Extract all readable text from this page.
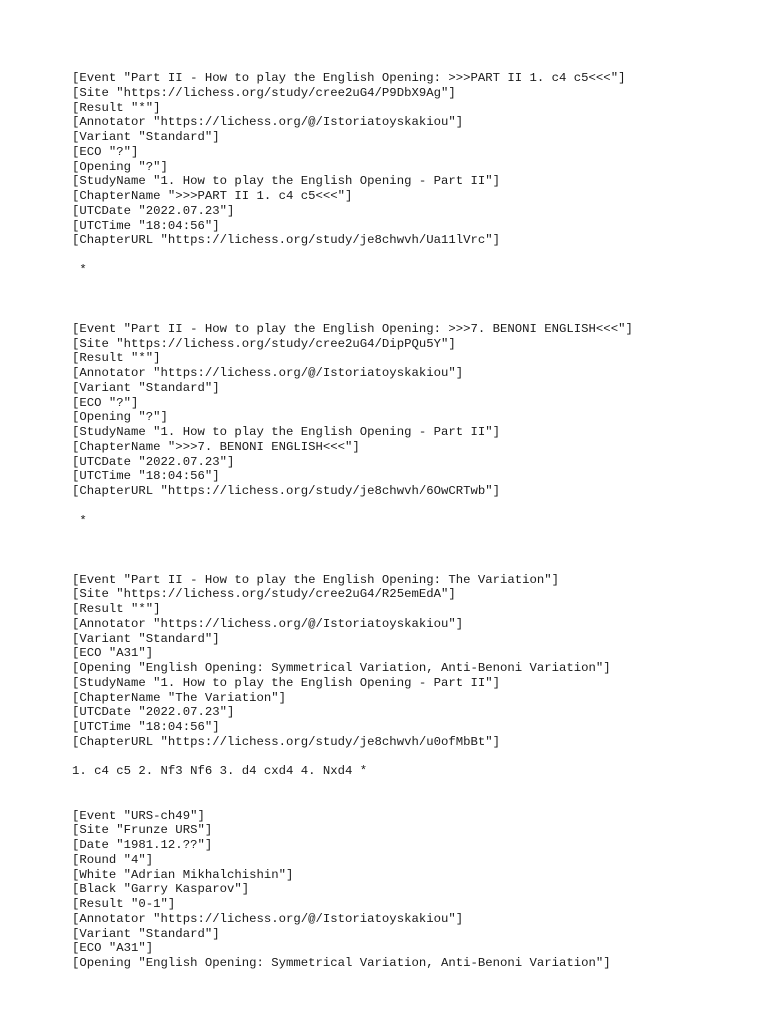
[Event "Part II - How to play the English Opening: >>>PART II 1. c4 c5<<<"]
[Site "https://lichess.org/study/cree2uG4/P9DbX9Ag"]
[Result "*"]
[Annotator "https://lichess.org/@/Istoriatoyskakiou"]
[Variant "Standard"]
[ECO "?"]
[Opening "?"]
[StudyName "1. How to play the English Opening - Part II"]
[ChapterName ">>>PART II 1. c4 c5<<<"]
[UTCDate "2022.07.23"]
[UTCTime "18:04:56"]
[ChapterURL "https://lichess.org/study/je8chwvh/Ua11lVrc"]
*
[Event "Part II - How to play the English Opening: >>>7. BENONI ENGLISH<<<"]
[Site "https://lichess.org/study/cree2uG4/DipPQu5Y"]
[Result "*"]
[Annotator "https://lichess.org/@/Istoriatoyskakiou"]
[Variant "Standard"]
[ECO "?"]
[Opening "?"]
[StudyName "1. How to play the English Opening - Part II"]
[ChapterName ">>>7. BENONI ENGLISH<<<"]
[UTCDate "2022.07.23"]
[UTCTime "18:04:56"]
[ChapterURL "https://lichess.org/study/je8chwvh/6OwCRTwb"]
*
[Event "Part II - How to play the English Opening: The Variation"]
[Site "https://lichess.org/study/cree2uG4/R25emEdA"]
[Result "*"]
[Annotator "https://lichess.org/@/Istoriatoyskakiou"]
[Variant "Standard"]
[ECO "A31"]
[Opening "English Opening: Symmetrical Variation, Anti-Benoni Variation"]
[StudyName "1. How to play the English Opening - Part II"]
[ChapterName "The Variation"]
[UTCDate "2022.07.23"]
[UTCTime "18:04:56"]
[ChapterURL "https://lichess.org/study/je8chwvh/u0ofMbBt"]
1. c4 c5 2. Nf3 Nf6 3. d4 cxd4 4. Nxd4 *
[Event "URS-ch49"]
[Site "Frunze URS"]
[Date "1981.12.??"]
[Round "4"]
[White "Adrian Mikhalchishin"]
[Black "Garry Kasparov"]
[Result "0-1"]
[Annotator "https://lichess.org/@/Istoriatoyskakiou"]
[Variant "Standard"]
[ECO "A31"]
[Opening "English Opening: Symmetrical Variation, Anti-Benoni Variation"]
